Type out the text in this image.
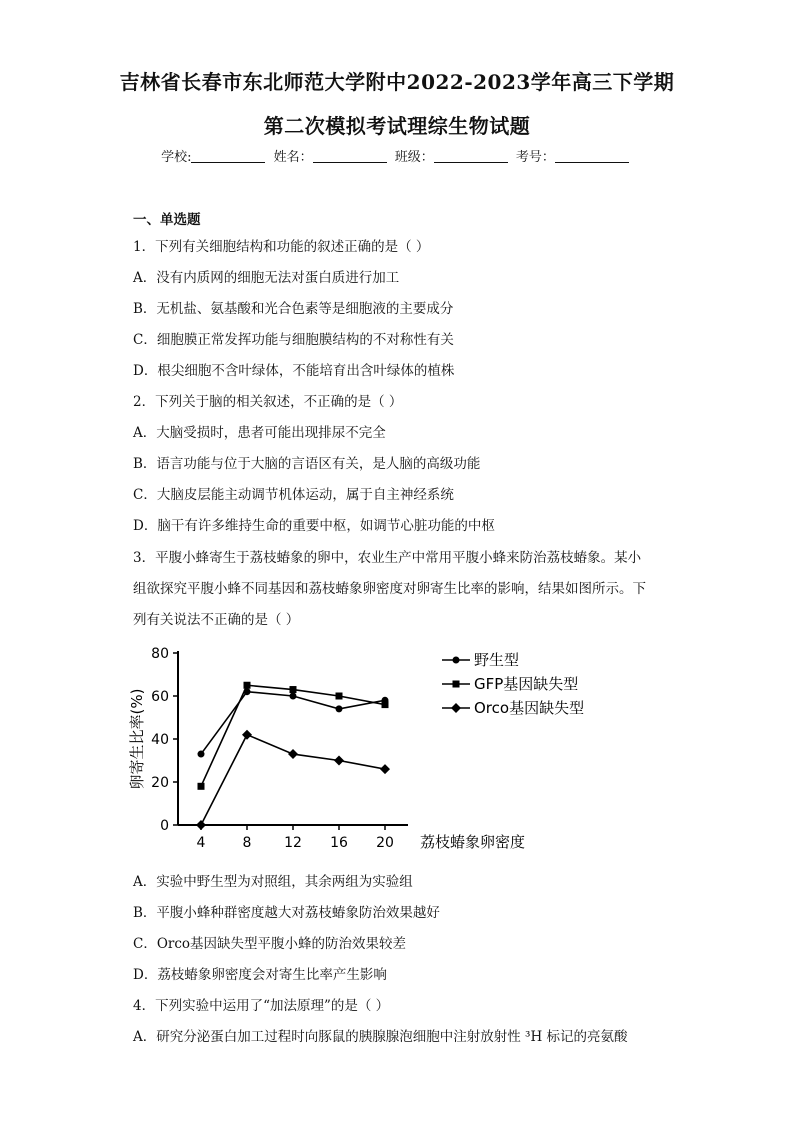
吉林省长春市东北师范大学附中2022-2023学年高三下学期
第二次模拟考试理综生物试题
学校:	姓名：	班级：	考号：
一、单选题
1．下列有关细胞结构和功能的叙述正确的是（ ）
A．没有内质网的细胞无法对蛋白质进行加工
B．无机盐、氨基酸和光合色素等是细胞液的主要成分
C．细胞膜正常发挥功能与细胞膜结构的不对称性有关
D．根尖细胞不含叶绿体，不能培育出含叶绿体的植株
2．下列关于脑的相关叙述，不正确的是（ ）
A．大脑受损时，患者可能出现排尿不完全
B．语言功能与位于大脑的言语区有关，是人脑的高级功能
C．大脑皮层能主动调节机体运动，属于自主神经系统
D．脑干有许多维持生命的重要中枢，如调节心脏功能的中枢
3．平腹小蜂寄生于荔枝蝽象的卵中，农业生产中常用平腹小蜂来防治荔枝蝽象。某小
组欲探究平腹小蜂不同基因和荔枝蝽象卵密度对卵寄生比率的影响，结果如图所示。下
列有关说法不正确的是（ ）
0
20
40
60
80
4	8 12 16 20 荔枝蝽象卵密度
卵寄生比率(%)
野生型
GFP基因缺失型
Orco基因缺失型
A．实验中野生型为对照组，其余两组为实验组
B．平腹小蜂种群密度越大对荔枝蝽象防治效果越好
C．Orco基因缺失型平腹小蜂的防治效果较差
D．荔枝蝽象卵密度会对寄生比率产生影响
4．下列实验中运用了“加法原理”的是（ ）
A．研究分泌蛋白加工过程时向豚鼠的胰腺腺泡细胞中注射放射性 ³H 标记的亮氨酸
